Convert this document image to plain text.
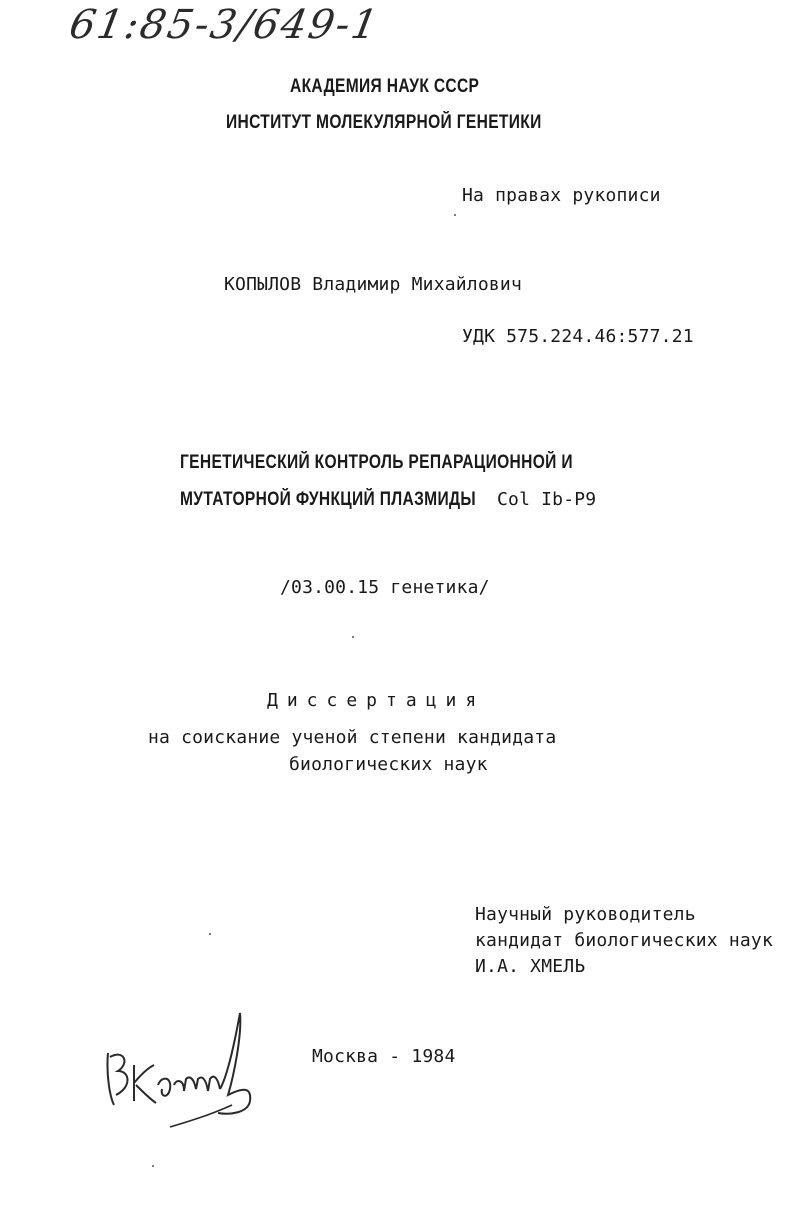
61:85-3/649-1
АКАДЕМИЯ НАУК СССР
ИНСТИТУТ МОЛЕКУЛЯРНОЙ ГЕНЕТИКИ
На правах рукописи
КОПЫЛОВ Владимир Михайлович
УДК 575.224.46:577.21
ГЕНЕТИЧЕСКИЙ КОНТРОЛЬ РЕПАРАЦИОННОЙ И
МУТАТОРНОЙ ФУНКЦИЙ ПЛАЗМИДЫ Col Ib-P9
/03.00.15 генетика/
Диссертация
на соискание ученой степени кандидата
биологических наук
Научный руководитель
кандидат биологических наук
И.А. ХМЕЛЬ
Москва - 1984
